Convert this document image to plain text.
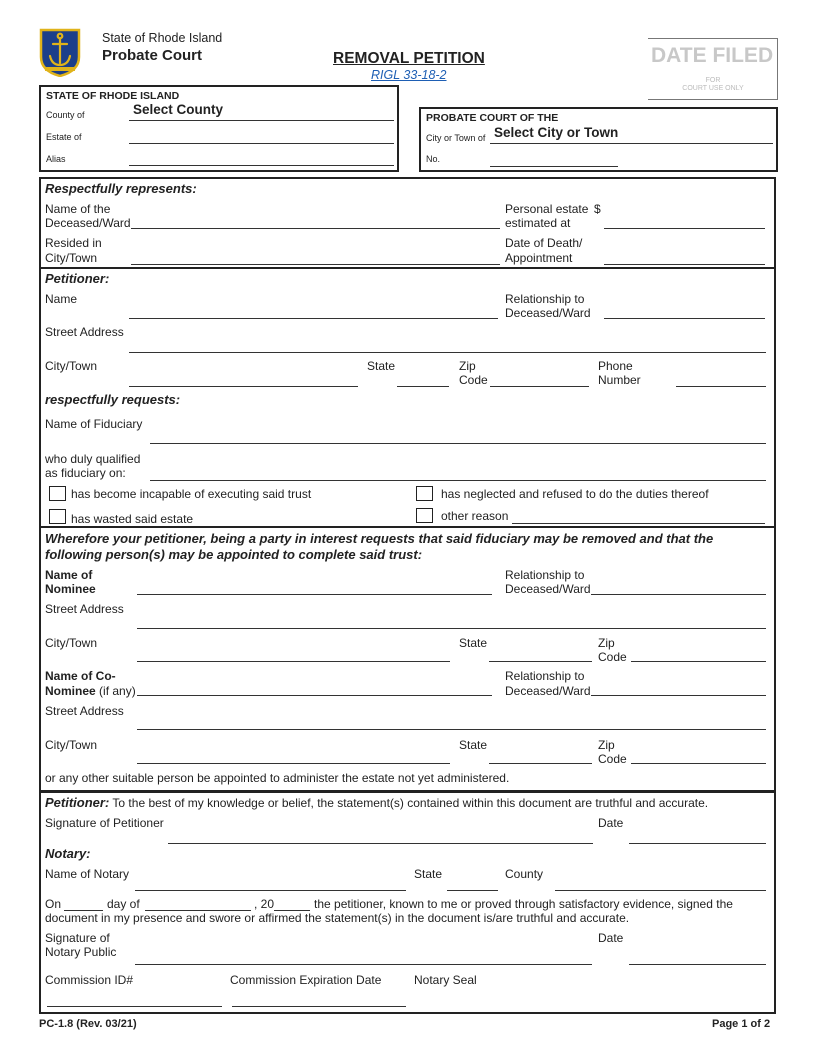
State of Rhode Island
Probate Court	REMOVAL PETITION
RIGL 33-18-2
DATE FILED
FOR
COURT USE ONLY
STATE OF RHODE ISLAND
County of	Select County
Estate of
Alias
PROBATE COURT OF THE
City or Town of Select City or Town
No.
Respectfully represents:
Name of the
Deceased/Ward
Personal estate $
estimated at
Resided in
City/Town
Date of Death/
Appointment
Petitioner:
Name	Relationship to
Deceased/Ward
Street Address
City/Town	State	Zip
Code
Phone
Number
respectfully requests:
Name of Fiduciary
who duly qualified
as fiduciary on:
has become incapable of executing said trust	has neglected and refused to do the duties thereof
has wasted said estate	other reason
Wherefore your petitioner, being a party in interest requests that said fiduciary may be removed and that the
following person(s) may be appointed to complete said trust:
Name of
Nominee
Relationship to
Deceased/Ward
Street Address
City/Town	State	Zip
Code
Name of Co-
Nominee (if any)
Relationship to
Deceased/Ward
Street Address
City/Town	State	Zip
Code
or any other suitable person be appointed to administer the estate not yet administered.
Petitioner: To the best of my knowledge or belief, the statement(s) contained within this document are truthful and accurate.
Signature of Petitioner	Date
Notary:
Name of Notary	State	County
On	day of	, 20	the petitioner, known to me or proved through satisfactory evidence, signed the
document in my presence and swore or affirmed the statement(s) in the document is/are truthful and accurate.
Signature of
Notary Public
Date
Commission ID#	Commission Expiration Date	Notary Seal
PC-1.8 (Rev. 03/21)	Page 1 of 2
